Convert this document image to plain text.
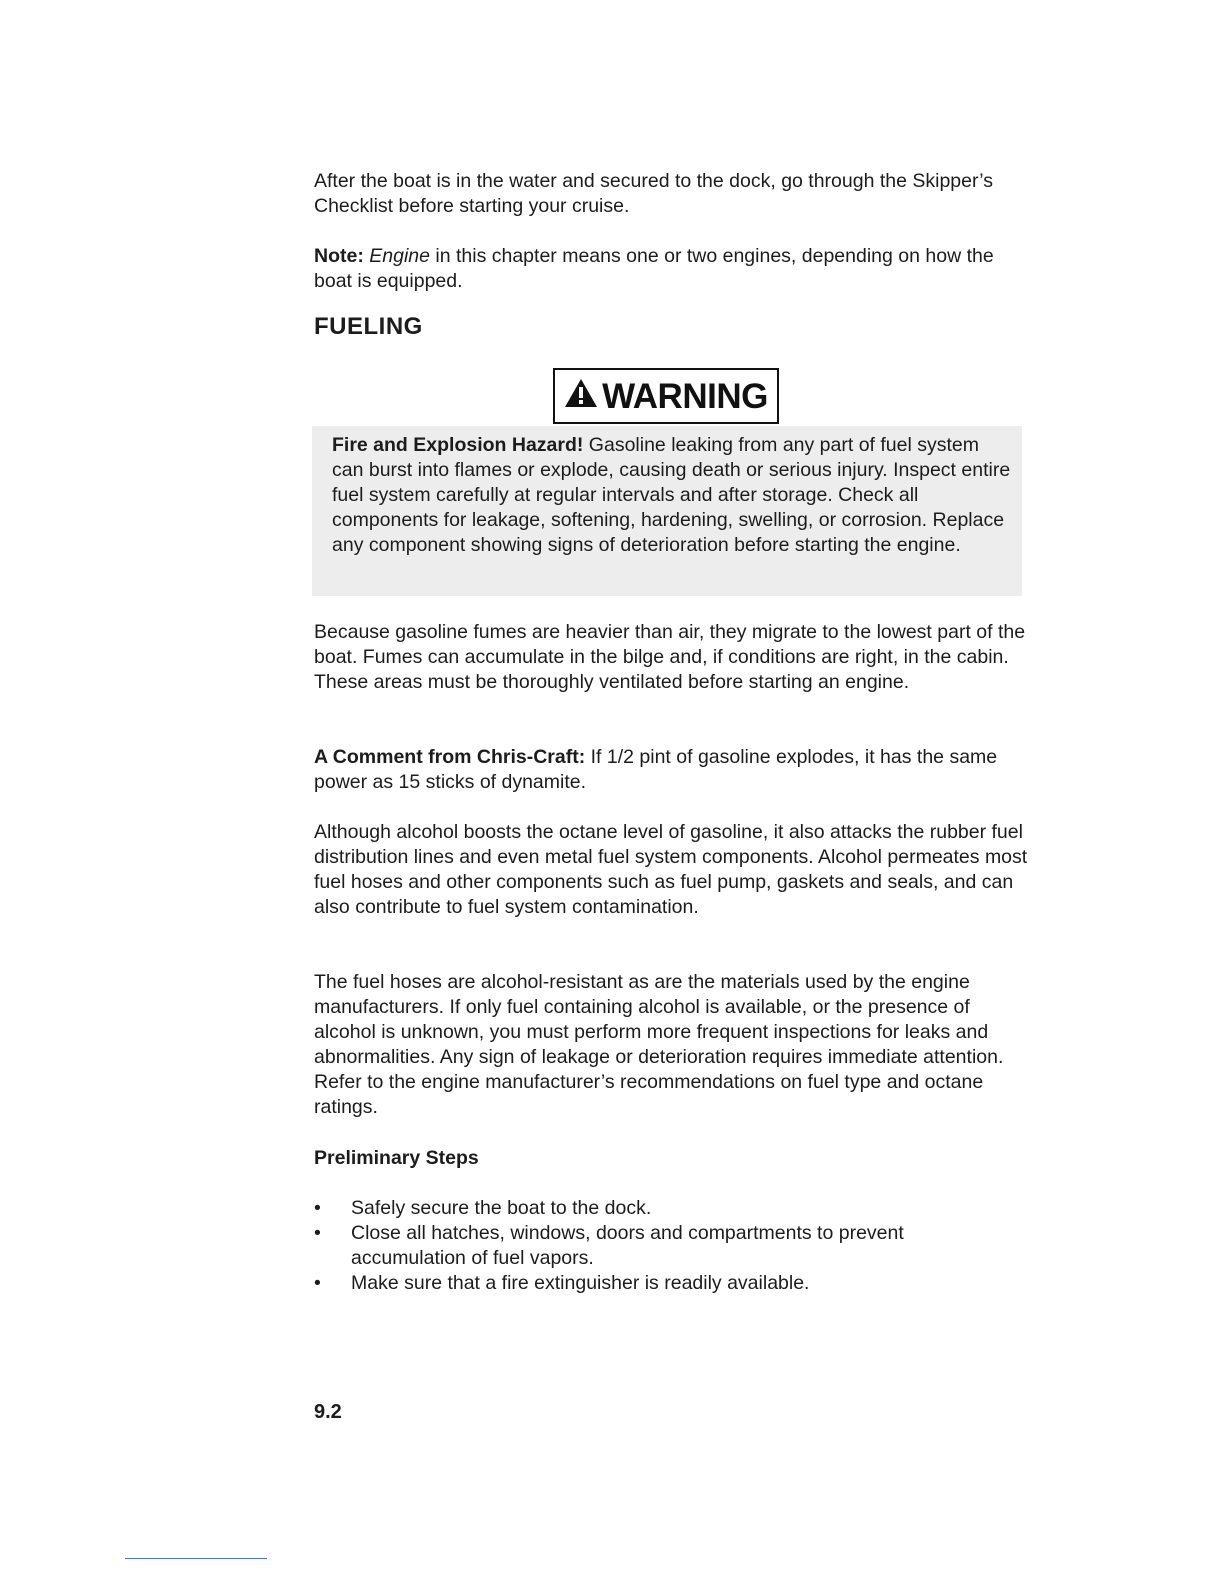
After the boat is in the water and secured to the dock, go through the Skipper’s Checklist before starting your cruise.

Note: Engine in this chapter means one or two engines, depending on how the boat is equipped.

FUELING
WARNING

Fire and Explosion Hazard! Gasoline leaking from any part of fuel system can burst into flames or explode, causing death or serious injury. Inspect entire fuel system carefully at regular intervals and after storage. Check all components for leakage, softening, hardening, swelling, or corrosion. Replace any component showing signs of deterioration before starting the engine.

Because gasoline fumes are heavier than air, they migrate to the lowest part of the boat. Fumes can accumulate in the bilge and, if conditions are right, in the cabin. These areas must be thoroughly ventilated before starting an engine.

A Comment from Chris-Craft: If 1/2 pint of gasoline explodes, it has the same power as 15 sticks of dynamite.

Although alcohol boosts the octane level of gasoline, it also attacks the rubber fuel distribution lines and even metal fuel system components. Alcohol permeates most fuel hoses and other components such as fuel pump, gaskets and seals, and can also contribute to fuel system contamination.

The fuel hoses are alcohol-resistant as are the materials used by the engine manufacturers. If only fuel containing alcohol is available, or the presence of alcohol is unknown, you must perform more frequent inspections for leaks and abnormalities. Any sign of leakage or deterioration requires immediate attention. Refer to the engine manufacturer’s recommendations on fuel type and octane ratings.

Preliminary Steps
• Safely secure the boat to the dock.
• Close all hatches, windows, doors and compartments to prevent accumulation of fuel vapors.
• Make sure that a fire extinguisher is readily available.
9.2
